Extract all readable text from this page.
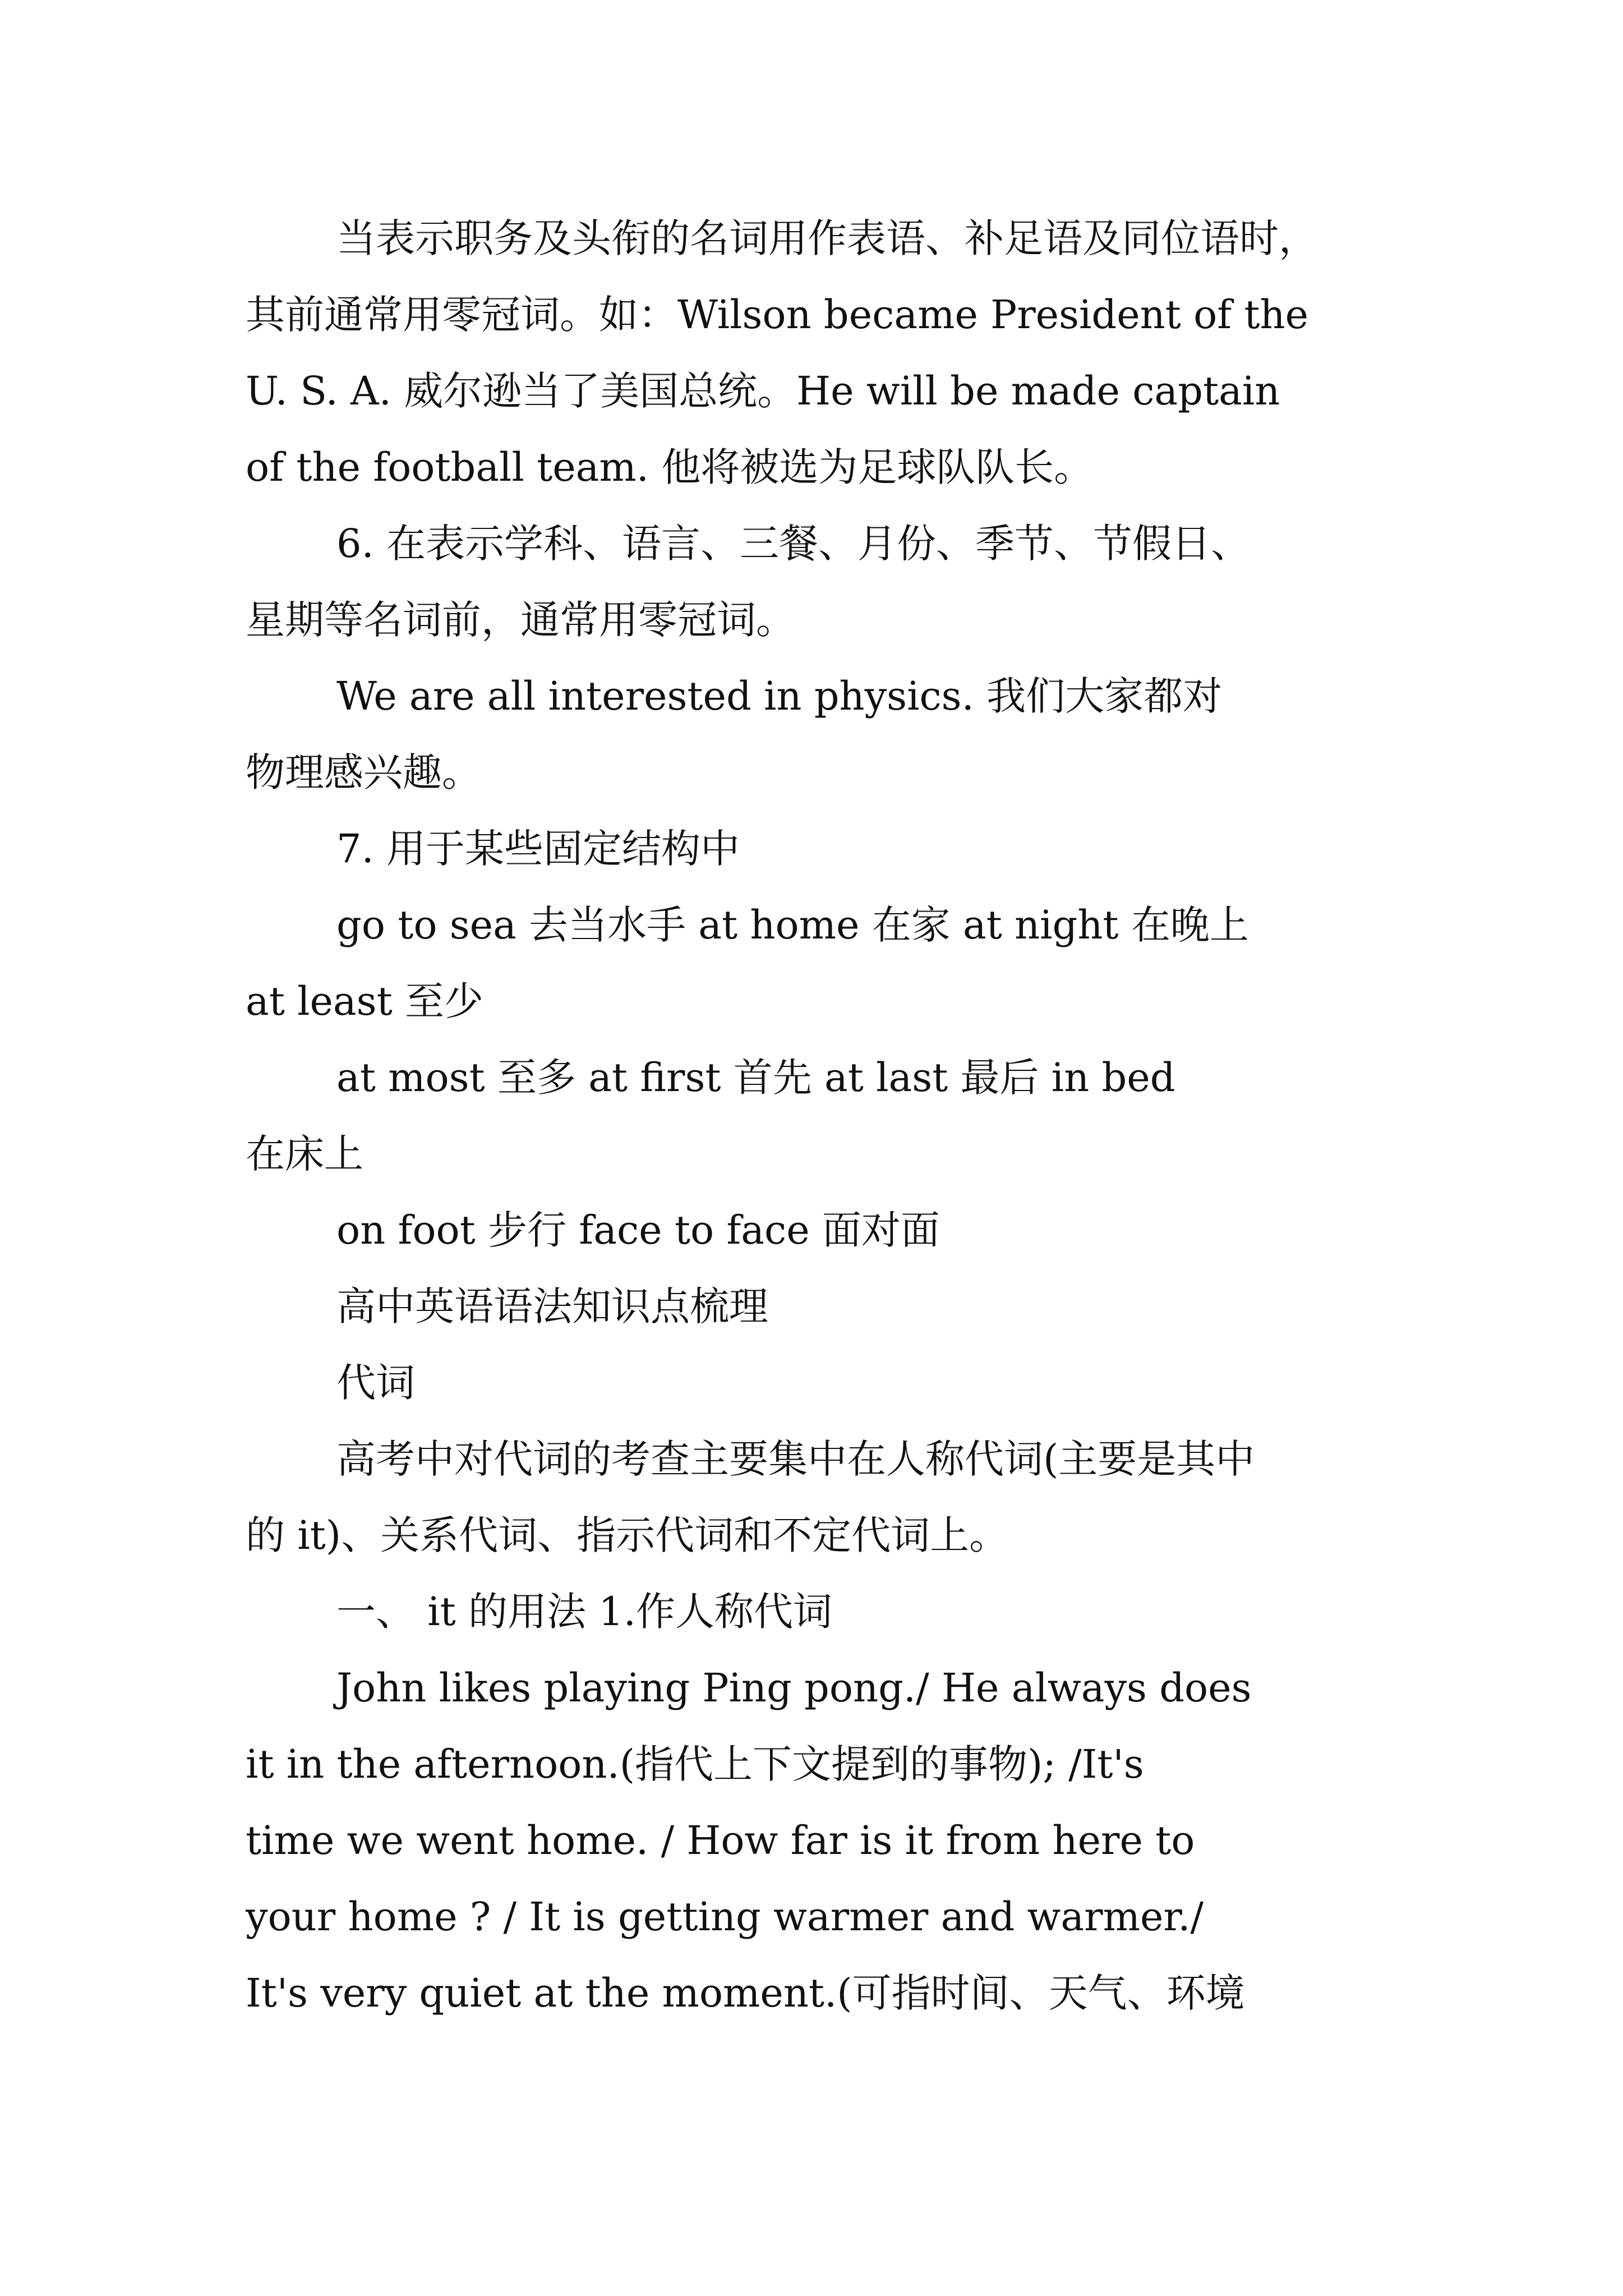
当表示职务及头衔的名词用作表语、补足语及同位语时，
其前通常用零冠词。如：Wilson became President of the
U. S. A. 威尔逊当了美国总统。He will be made captain
of the football team. 他将被选为足球队队长。
6. 在表示学科、语言、三餐、月份、季节、节假日、
星期等名词前，通常用零冠词。
We are all interested in physics. 我们大家都对
物理感兴趣。
7. 用于某些固定结构中
go to sea 去当水手 at home 在家 at night 在晚上
at least 至少
at most 至多 at first 首先 at last 最后 in bed
在床上
on foot 步行 face to face 面对面
高中英语语法知识点梳理
代词
高考中对代词的考查主要集中在人称代词(主要是其中
的 it)、关系代词、指示代词和不定代词上。
一、 it 的用法 1.作人称代词
John likes playing Ping pong./ He always does
it in the afternoon.(指代上下文提到的事物); /It's
time we went home. / How far is it from here to
your home ? / It is getting warmer and warmer./
It's very quiet at the moment.(可指时间、天气、环境
